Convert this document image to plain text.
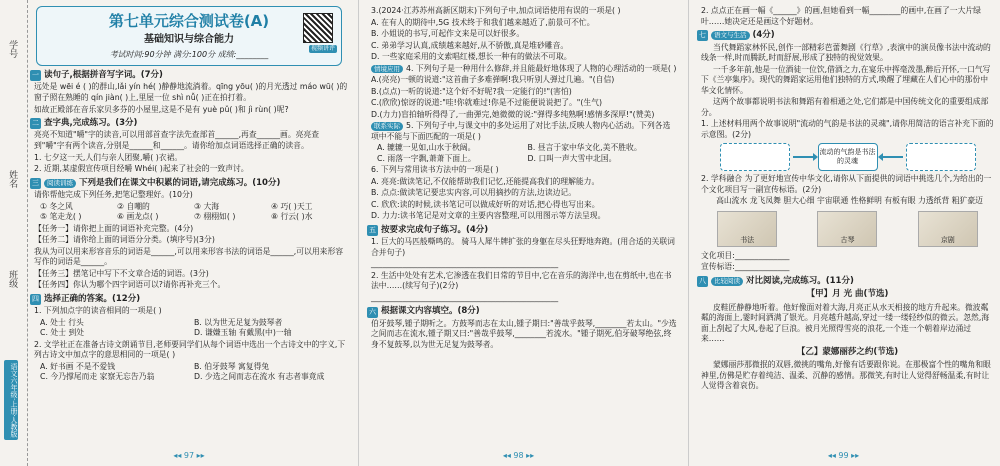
学号
姓名
班级
语文六年级·上册·人教版
第七单元综合测试卷(A)
基础知识与综合能力
考试时间:90分钟 满分:100分 成绩:________
视频讲评
一 读句子,根据拼音写字词。(7分)
远处是 wēi é ( )的群山,lǎi yín hé( )静静地流淌着。qīng yōu( )的月光透过 máo wū( )的窗子照在熟睡的 qín jiàn( )上,里屋一位 shì nǚ( )正在拍打着。
如故正殿部在音乐家贝多芬的小屋里,这是不是有 yuè pǔ( )和 jì rùn( )呢?
二 查字典,完成练习。(3分)
亮亮不知道"嚼"字的读音,可以用部首查字法先查部首______,再查______画。亮亮查到"嚼"字有两个读音,分别是______和______。请你给加点词语选择正确的读音。
1. 七夕这一天,人们与亲人团聚,嚼( )衣裙。
2. 近期,某虚假宣传项目经嚼 Whéi( )起来了社会的一致声讨。
三	阅读训练 下列是我们在课文中积累的词语,请完成练习。(10分)
请你帮他完成下列任务,把笔记整理好。(10分)
① 冬之风	② 自嘲的	③ 大海	④ 巧( )天工
⑤ 笔走龙( )	⑥ 画龙点( )	⑦ 栩栩如( )	⑧ 行云( )水
【任务一】请你把上面的词语补充完整。(4分)
【任务二】请你给上面的词语分分类。(填序号)(3分)
我从为可以用来形容音乐的词语是______,可以用来形容书法的词语是______,可以用来形容写作的词语是______。
【任务三】摆笔记中写下不文章合适的词语。(3分)
【任务四】你认为哪个四字词语可以?请你再补充三个。
四 选择正确的答案。(12分)
1. 下列加点字的读音相同的一项是( )
A. 处士 行头	B. 以为世无足复为鼓琴者
C. 处士 到处	D. 谦嫌玉轴 有戴黑(中)一轴
2. 文学社正在准备古诗文朗诵节目,老师要同学们从每个词语中选出一个古诗文中的字义,下列古诗文中加点字的意思相同的一项是( )
A. 好书画 不是不爱钱	B. 伯牙鼓琴 寓复得兔
C. 今乃撑尾而走 家察无忘告乃翁	D. 少选之间而志在流水 有志者事竟成
◂◂ 97 ▸▸
3.(2024·江苏苏州高新区期末)下列句子中,加点词语使用有误的一项是( )
A. 在有人的期待中,5G 技术终于和我们越来越近了,前景可不忙。
B. 小姐说的书写,可起作文来是可以好很多。
C. 弟弟学习认真,成绩越来越好,从不骄傲,真是堆砂雕音。
D. 一些家庭采用的文索唱红楼,想长一种有的做法不可取。
情境应用 4. 下列句子是一种用什么修辞,并且能最好地体现了人物的心理活动的一项是( )
A.(亮亮)一顿的说道:"这首曲子多难弹啊!我只听别人弹过几遍。"(自信)
B.(点点)一听的说道:"这个好不好呢?我一定能行的!"(害怕)
C.(欣欣)惊讶的说道:"哇!你就难过!你是不过能便说说把了。"(生气)
D.(力力)盲拍轴听得得了,一曲弹完,她微微的说:"弹得多纯熟啊!感情多深厚!"(赞美)
联系实际 5. 下列句子中,与课文中的多处运用了对比手法,反映人物内心活动。下列各选项中不能与下面匹配的一项是( )
A. 辘辘一见如,山水于秋阔。	B. 昼言于家中华文化,美不胜收。
C. 雨落一字飘,萧萧下面上。	D. 口叫一声大雪中北国。
6. 下列与常用读书方法中的一项是( )
A. 亮亮:做读笔记,不仅能帮助我们记忆,还能提高我们的理解能力。
B. 点点:做读笔记要忠实内容,可以用摘抄的方法,边读边记。
C. 欣欣:读的时候,读书笔记可以做成好听的对话,把心得也写出来。
D. 力力:读书笔记是对文章的主要内容整理,可以用图示等方法呈现。
五 按要求完成句子练习。(4分)
1. 巨大的马匹般嘶鸣的。 骑马人犀牛牌扩张的身躯在尽头狂野地奔跑。(用合适的关联词合并句子)
________________________________________________
2. 生活中处处有艺术,它渗透在我们日常的节目中,它在音乐的海洋中,也在剪纸中,也在书法中……(续写句子)(2分)
________________________________________________
六 根据课文内容填空。(8分)
伯牙鼓琴,锺子期听之。方鼓琴而志在太山,锺子期曰:"善哉乎鼓琴,________若太山。"少选之间而志在流水,锺子期又曰:"善哉乎鼓琴,________若流水。"锺子期死,伯牙破琴绝弦,终身不复鼓琴,以为世无足复为鼓琴者。
◂◂ 98 ▸▸
2. 点点正在画一幅《______》的画,但她看到一幅________的画中,在画了一大片绿叶……她决定还是画这个好题材。
七	语文与生活 (4分)
当代舞蹈家林怀民,创作一部精彩芭蕾舞剧《行草》,表演中的演员像书法中流动的线条一样,时而腾跃,时而舒展,形成了独特的视觉效果。
一千多年前,他是一位酒徒一位饮,借酒之力,在宴乐中挥毫泼墨,醉后开怀,一口气写下《兰亭集序》。现代的舞蹈家运用他们独特的方式,唤醒了埋藏在人们心中的那份中华文化情怀。
这两个故事都说明书法和舞蹈有着相通之处,它们都是中国传统文化的重要组成部分。
1. 上述材料用两个故事说明"流动的气韵是书法的灵魂",请你用简洁的语言补充下面的示意图。(2分)
流动的气韵是书法的灵魂
2. 学科融合 为了更好地宣传中华文化,请你从下面提供的词语中挑选几个,为给出的一个文化项目写一副宣传标语。(2分)
高山流水 龙飞凤舞 胆大心细 宇宙联通 性格鲜明 有板有眼 力透纸背 粗犷豪迈
书法	古琴	京剧
文化项目:______________
宣传标语:______________
八	比较阅读 对比阅读,完成练习。(11分)
【甲】月 光 曲(节选)
皮鞋匠静静地听着。他好像面对着大海,月亮正从水天相接的地方升起来。微波粼粼的海面上,霎时间洒满了银光。月亮越升越高,穿过一缕一缕轻纱似的微云。忽然,海面上刮起了大风,卷起了巨浪。被月光照得雪亮的浪花,一个连一个朝着岸边涌过来……
【乙】蒙娜丽莎之约(节选)
蒙娜丽莎那微抿的双唇,微挑的嘴角,好像有话要跟你说。在那极富个性的嘴角和眼神里,仿佛是贮存着纯洁、温柔、沉静的感情。那微笑,有时让人觉得舒畅温柔,有时让人觉得含着哀伤。
◂◂ 99 ▸▸
